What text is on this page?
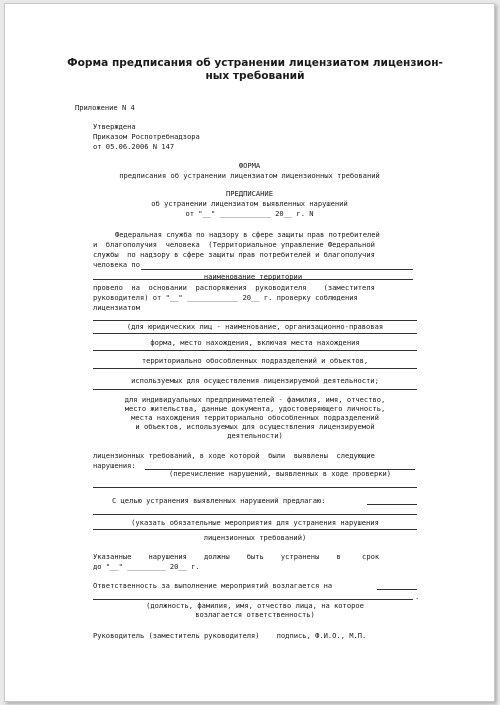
Форма предписания об устранении лицензиатом лицензион-
ных требований
Приложение N 4
Утверждена
Приказом Роспотребнадзора
от 05.06.2006 N 147
ФОРМА
предписания об устранении лицензиатом лицензионных требований
ПРЕДПИСАНИЕ
об устранении лицензиатом выявленных нарушений
от "__" ____________ 20__ г. N
Федеральная служба по надзору в сфере защиты прав потребителей
и  благополучия  человека  (Территориальное управление Федеральной
службы  по надзору в сфере защиты прав потребителей и благополучия
человека по
наименование территории
провело  на  основании  распоряжения  руководителя    (заместителя
руководителя) от "__" ____________ 20__ г. проверку соблюдения
лицензиатом
(для юридических лиц - наименование, организационно-правовая
форма, место нахождения, включая места нахождения
территориально обособленных подразделений и объектов,
используемых для осуществления лицензируемой деятельности;
для индивидуальных предпринимателей - фамилия, имя, отчество,
место жительства, данные документа, удостоверяющего личность,
места нахождения территориально обособленных подразделений
и объектов, используемых для осуществления лицензируемой
деятельности)
лицензионных требований, в ходе которой  были  выявлены  следующие
нарушения:
(перечисление нарушений, выявленных в ходе проверки)
С целью устранения выявленных нарушений предлагаю:
(указать обязательные мероприятия для устранения нарушения
лицензионных требований)
Указанные    нарушения    должны    быть    устранены    в     срок
до "__" _________ 20__ г.
Ответственность за выполнение мероприятий возлагается на
.
(должность, фамилия, имя, отчество лица, на которое
возлагается ответственность)
Руководитель (заместитель руководителя)    подпись, Ф.И.О., М.П.
